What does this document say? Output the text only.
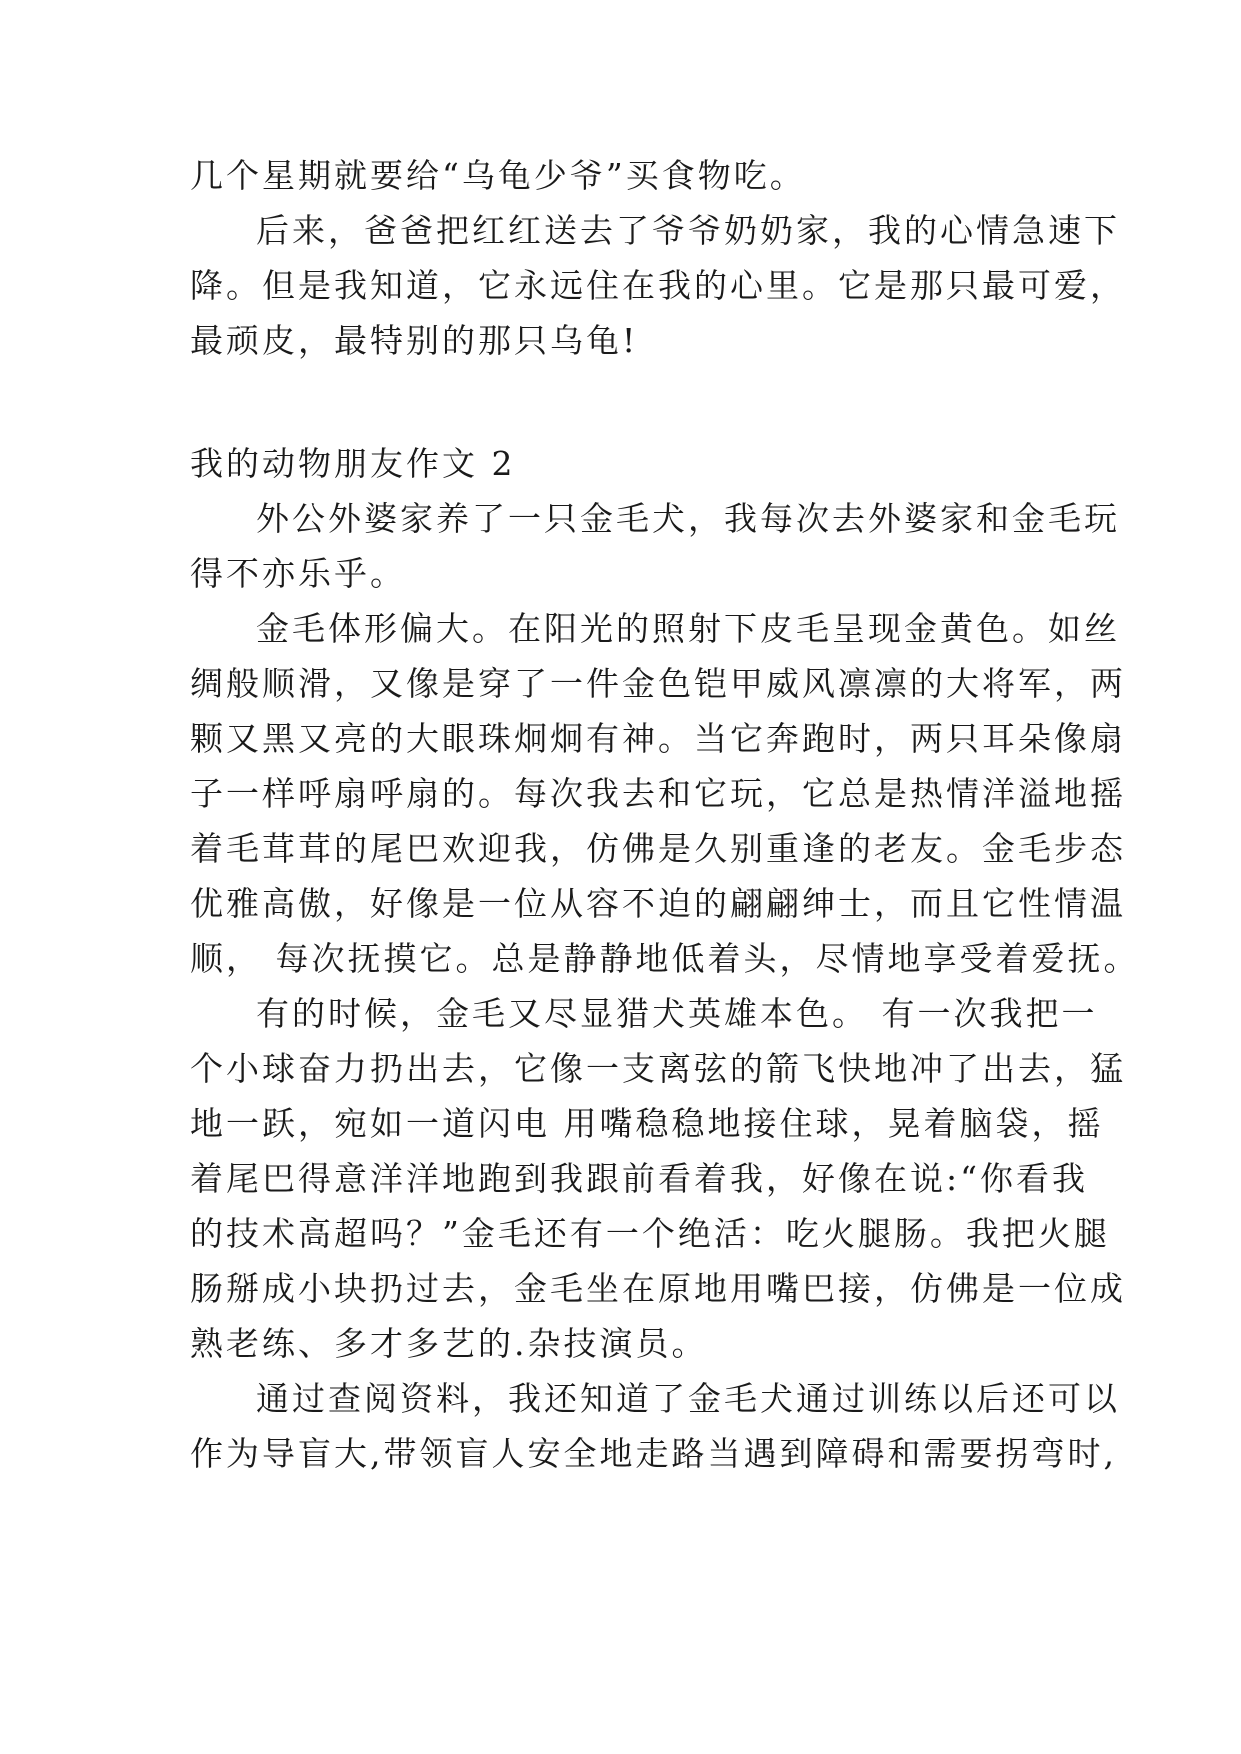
几个星期就要给“乌龟少爷”买食物吃。
后来，爸爸把红红送去了爷爷奶奶家，我的心情急速下
降。但是我知道，它永远住在我的心里。它是那只最可爱，
最顽皮，最特别的那只乌龟!
我的动物朋友作文 2
外公外婆家养了一只金毛犬，我每次去外婆家和金毛玩
得不亦乐乎。
金毛体形偏大。在阳光的照射下皮毛呈现金黄色。如丝
绸般顺滑，又像是穿了一件金色铠甲威风凛凛的大将军，两
颗又黑又亮的大眼珠炯炯有神。当它奔跑时，两只耳朵像扇
子一样呼扇呼扇的。每次我去和它玩，它总是热情洋溢地摇
着毛茸茸的尾巴欢迎我，仿佛是久别重逢的老友。金毛步态
优雅高傲，好像是一位从容不迫的翩翩绅士，而且它性情温
顺， 每次抚摸它。总是静静地低着头，尽情地享受着爱抚。
有的时候，金毛又尽显猎犬英雄本色。 有一次我把一
个小球奋力扔出去，它像一支离弦的箭飞快地冲了出去，猛
地一跃，宛如一道闪电 用嘴稳稳地接住球，晃着脑袋，摇
着尾巴得意洋洋地跑到我跟前看着我，好像在说:“你看我
的技术高超吗？”金毛还有一个绝活：吃火腿肠。我把火腿
肠掰成小块扔过去，金毛坐在原地用嘴巴接，仿佛是一位成
熟老练、多才多艺的.杂技演员。
通过查阅资料，我还知道了金毛犬通过训练以后还可以
作为导盲大,带领盲人安全地走路当遇到障碍和需要拐弯时,
